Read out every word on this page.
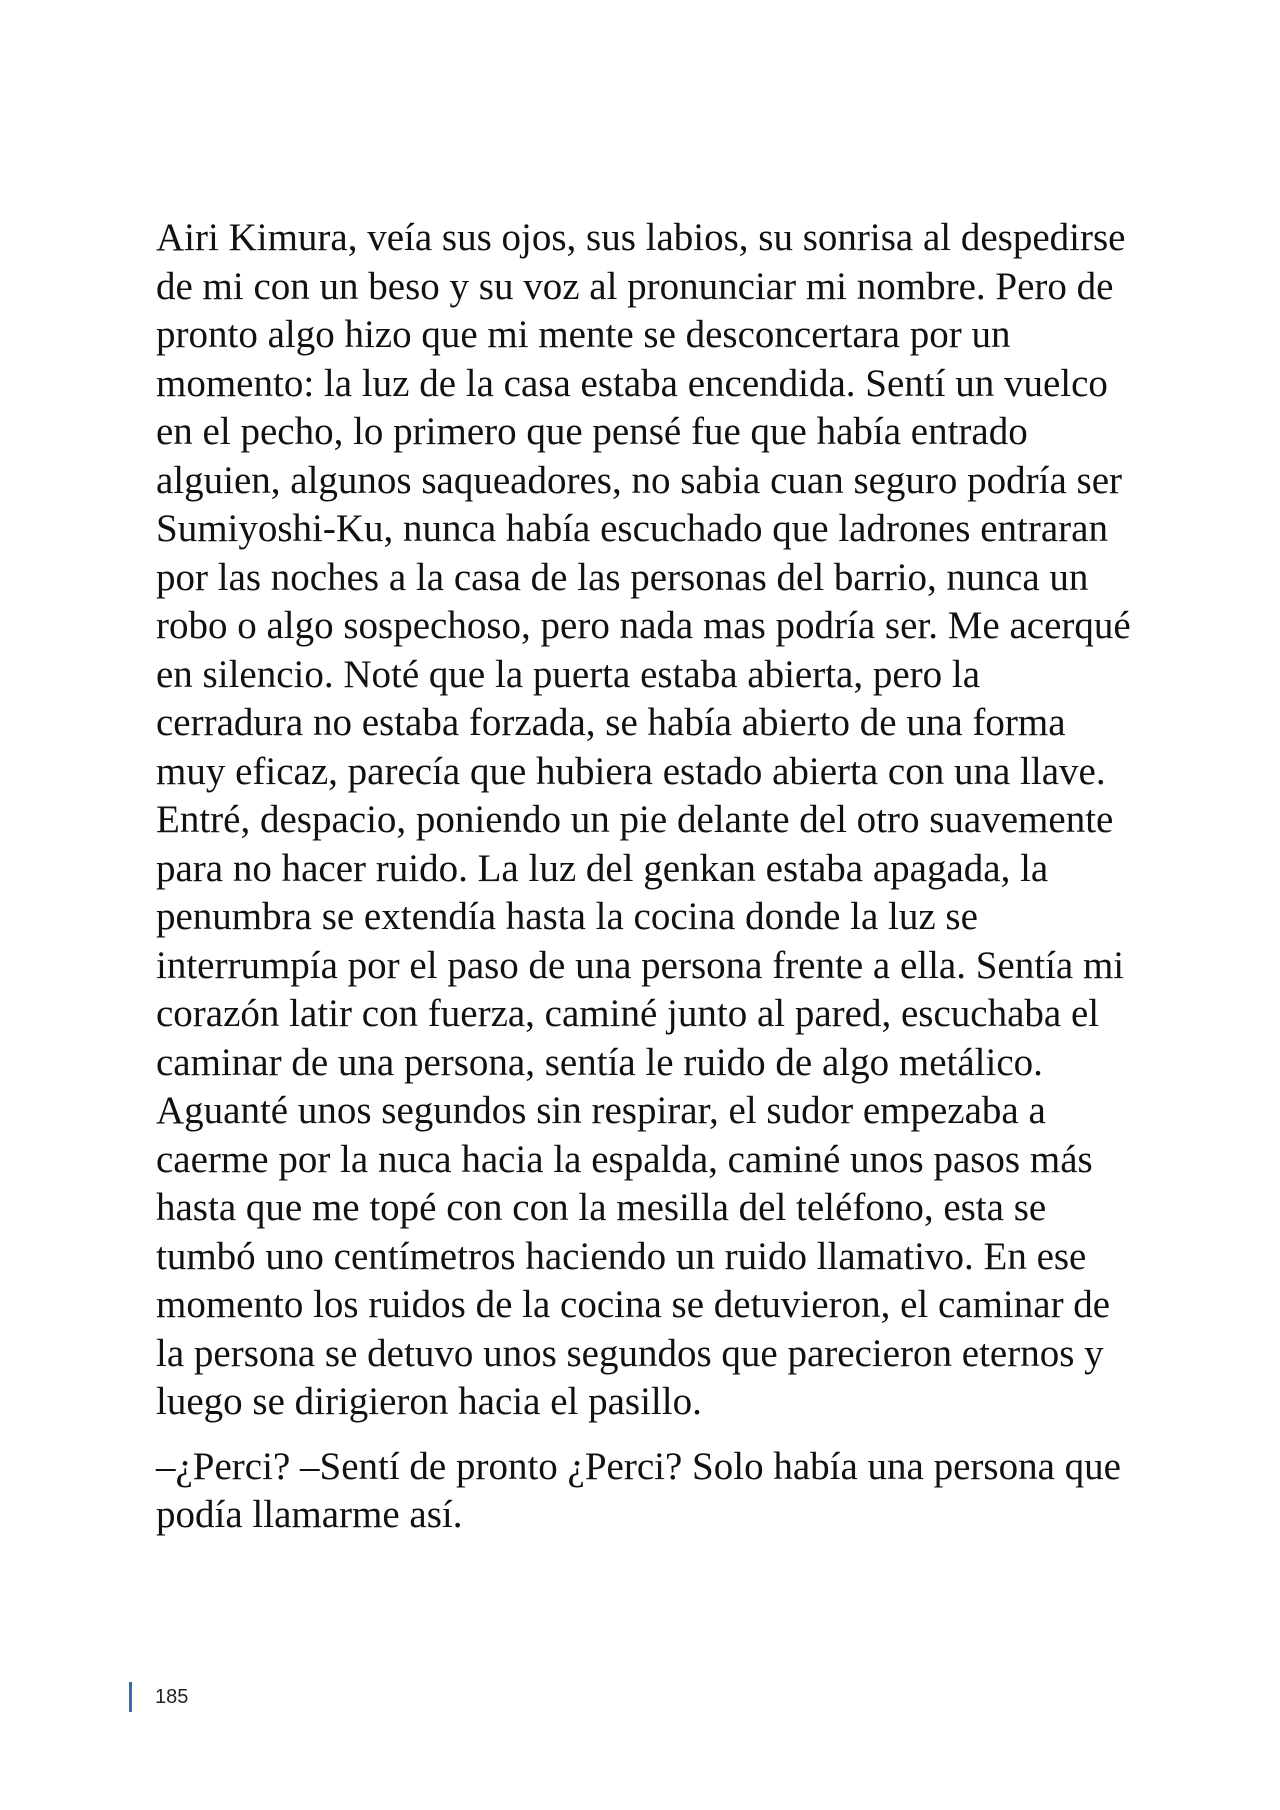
Airi Kimura, veía sus ojos, sus labios, su sonrisa al despedirse
de mi con un beso y su voz al pronunciar mi nombre. Pero de
pronto algo hizo que mi mente se desconcertara por un
momento: la luz de la casa estaba encendida. Sentí un vuelco
en el pecho, lo primero que pensé fue que había entrado
alguien, algunos saqueadores, no sabia cuan seguro podría ser
Sumiyoshi-Ku, nunca había escuchado que ladrones entraran
por las noches a la casa de las personas del barrio, nunca un
robo o algo sospechoso, pero nada mas podría ser. Me acerqué
en silencio. Noté que la puerta estaba abierta, pero la
cerradura no estaba forzada, se había abierto de una forma
muy eficaz, parecía que hubiera estado abierta con una llave.
Entré, despacio, poniendo un pie delante del otro suavemente
para no hacer ruido. La luz del genkan estaba apagada, la
penumbra se extendía hasta la cocina donde la luz se
interrumpía por el paso de una persona frente a ella. Sentía mi
corazón latir con fuerza, caminé junto al pared, escuchaba el
caminar de una persona, sentía le ruido de algo metálico.
Aguanté unos segundos sin respirar, el sudor empezaba a
caerme por la nuca hacia la espalda, caminé unos pasos más
hasta que me topé con con la mesilla del teléfono, esta se
tumbó uno centímetros haciendo un ruido llamativo. En ese
momento los ruidos de la cocina se detuvieron, el caminar de
la persona se detuvo unos segundos que parecieron eternos y
luego se dirigieron hacia el pasillo.
–¿Perci? –Sentí de pronto ¿Perci? Solo había una persona que
podía llamarme así.
185
